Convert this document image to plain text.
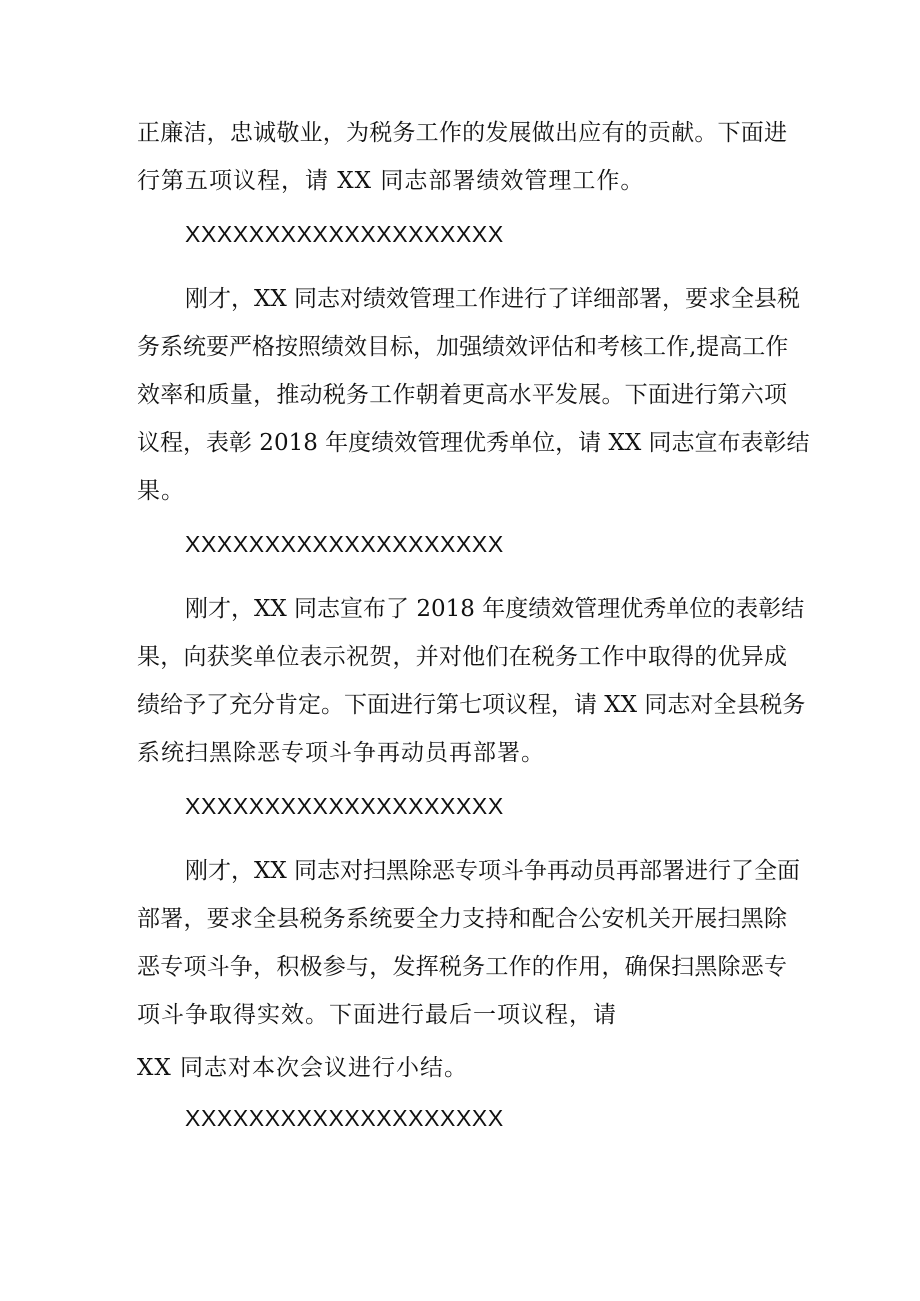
正廉洁，忠诚敬业，为税务工作的发展做出应有的贡献。下面进
行第五项议程，请 XX 同志部署绩效管理工作。
XXXXXXXXXXXXXXXXXXXX
刚才，XX 同志对绩效管理工作进行了详细部署，要求全县税
务系统要严格按照绩效目标，加强绩效评估和考核工作,提高工作
效率和质量，推动税务工作朝着更高水平发展。下面进行第六项
议程，表彰 2018 年度绩效管理优秀单位，请 XX 同志宣布表彰结
果。
XXXXXXXXXXXXXXXXXXXX
刚才，XX 同志宣布了 2018 年度绩效管理优秀单位的表彰结
果，向获奖单位表示祝贺，并对他们在税务工作中取得的优异成
绩给予了充分肯定。下面进行第七项议程，请 XX 同志对全县税务
系统扫黑除恶专项斗争再动员再部署。
XXXXXXXXXXXXXXXXXXXX
刚才，XX 同志对扫黑除恶专项斗争再动员再部署进行了全面
部署，要求全县税务系统要全力支持和配合公安机关开展扫黑除
恶专项斗争，积极参与，发挥税务工作的作用，确保扫黑除恶专
项斗争取得实效。下面进行最后一项议程，请
XX 同志对本次会议进行小结。
XXXXXXXXXXXXXXXXXXXX
